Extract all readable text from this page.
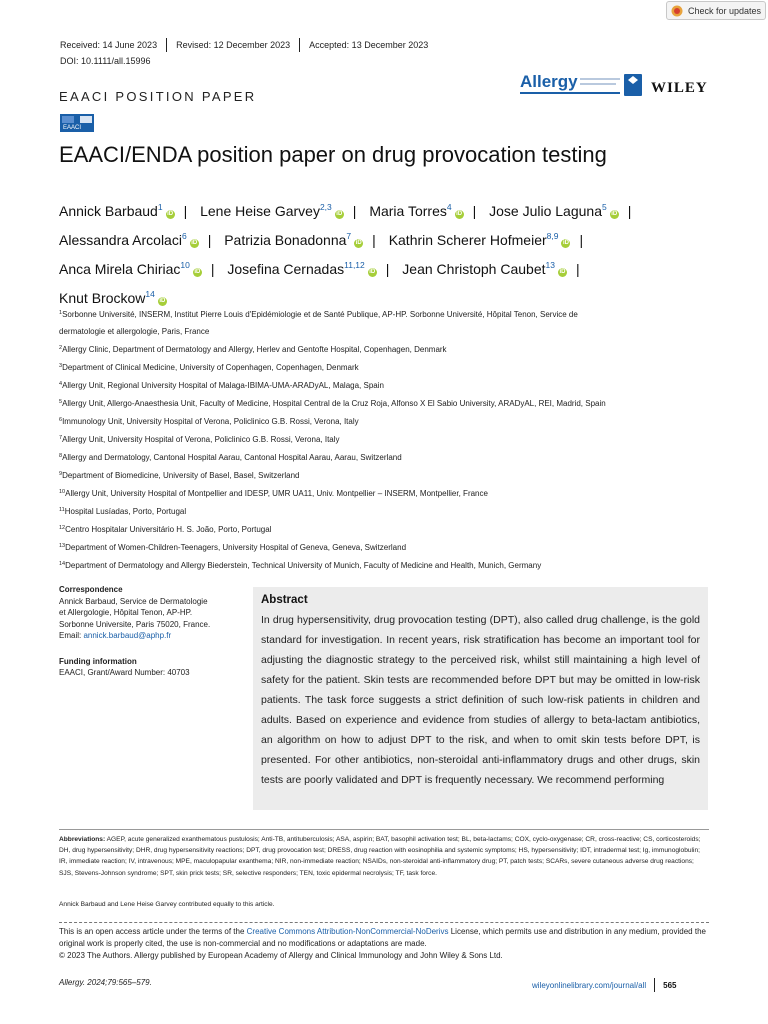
Check for updates
Received: 14 June 2023 Revised: 12 December 2023 Accepted: 13 December 2023
DOI: 10.1111/all.15996
Allergy	WILEY
EAACI POSITION PAPER
EAACI
EAACI/ENDA position paper on drug provocation testing
Annick Barbaud$^1$iD | Lene Heise Garvey$^{2,3}$iD | Maria Torres$^4$iD | Jose Julio Laguna$^5$iD |
Alessandra Arcolaci$^6$iD | Patrizia Bonadonna$^7$iD | Kathrin Scherer Hofmeier$^{8,9}$iD |
Anca Mirela Chiriac$^{10}$iD | Josefina Cernadas$^{11,12}$iD | Jean Christoph Caubet$^{13}$iD |
Knut Brockow$^{14}$iD
$^1$Sorbonne Université, INSERM, Institut Pierre Louis d'Epidémiologie et de Santé Publique, AP-HP. Sorbonne Université, Hôpital Tenon, Service de
dermatologie et allergologie, Paris, France
$^2$Allergy Clinic, Department of Dermatology and Allergy, Herlev and Gentofte Hospital, Copenhagen, Denmark
$^3$Department of Clinical Medicine, University of Copenhagen, Copenhagen, Denmark
$^4$Allergy Unit, Regional University Hospital of Malaga-IBIMA-UMA-ARADyAL, Malaga, Spain
$^5$Allergy Unit, Allergo-Anaesthesia Unit, Faculty of Medicine, Hospital Central de la Cruz Roja, Alfonso X El Sabio University, ARADyAL, REI, Madrid, Spain
$^6$Immunology Unit, University Hospital of Verona, Policlinico G.B. Rossi, Verona, Italy
$^7$Allergy Unit, University Hospital of Verona, Policlinico G.B. Rossi, Verona, Italy
$^8$Allergy and Dermatology, Cantonal Hospital Aarau, Cantonal Hospital Aarau, Aarau, Switzerland
$^9$Department of Biomedicine, University of Basel, Basel, Switzerland
$^{10}$Allergy Unit, University Hospital of Montpellier and IDESP, UMR UA11, Univ. Montpellier – INSERM, Montpellier, France
$^{11}$Hospital Lusíadas, Porto, Portugal
$^{12}$Centro Hospitalar Universitário H. S. João, Porto, Portugal
$^{13}$Department of Women-Children-Teenagers, University Hospital of Geneva, Geneva, Switzerland
$^{14}$Department of Dermatology and Allergy Biederstein, Technical University of Munich, Faculty of Medicine and Health, Munich, Germany
Correspondence
Annick Barbaud, Service de Dermatologie
et Allergologie, Hôpital Tenon, AP-HP.
Sorbonne Universite, Paris 75020, France.
Email: annick.barbaud@aphp.fr
Funding information
EAACI, Grant/Award Number: 40703
Abstract

In drug hypersensitivity, drug provocation testing (DPT), also called drug challenge, is the gold standard for investigation. In recent years, risk stratification has become an important tool for adjusting the diagnostic strategy to the perceived risk, whilst still maintaining a high level of safety for the patient. Skin tests are recommended before DPT but may be omitted in low-risk patients. The task force suggests a strict definition of such low-risk patients in children and adults. Based on experience and evidence from studies of allergy to beta-lactam antibiotics, an algorithm on how to adjust DPT to the risk, and when to omit skin tests before DPT, is presented. For other antibiotics, non-steroidal anti-inflammatory drugs and other drugs, skin tests are poorly validated and DPT is frequently necessary. We recommend performing

Abbreviations: AGEP, acute generalized exanthematous pustulosis; Anti-TB, antituberculosis; ASA, aspirin; BAT, basophil activation test; BL, beta-lactams; COX, cyclo-oxygenase; CR, cross-reactive; CS, corticosteroids; DH, drug hypersensitivity; DHR, drug hypersensitivity reactions; DPT, drug provocation test; DRESS, drug reaction with eosinophilia and systemic symptoms; HS, hypersensitivity; IDT, intradermal test; Ig, immunoglobulin; IR, immediate reaction; IV, intravenous; MPE, maculopapular exanthema; NIR, non-immediate reaction; NSAIDs, non-steroidal anti-inflammatory drug; PT, patch tests; SCARs, severe cutaneous adverse drug reactions; SJS, Stevens-Johnson syndrome; SPT, skin prick tests; SR, selective responders; TEN, toxic epidermal necrolysis; TF, task force.
Annick Barbaud and Lene Heise Garvey contributed equally to this article.
This is an open access article under the terms of the Creative Commons Attribution-NonCommercial-NoDerivs License, which permits use and distribution in any medium, provided the original work is properly cited, the use is non-commercial and no modifications or adaptations are made.
© 2023 The Authors. Allergy published by European Academy of Allergy and Clinical Immunology and John Wiley & Sons Ltd.
Allergy. 2024;79:565–579.	wileyonlinelibrary.com/journal/all 565
